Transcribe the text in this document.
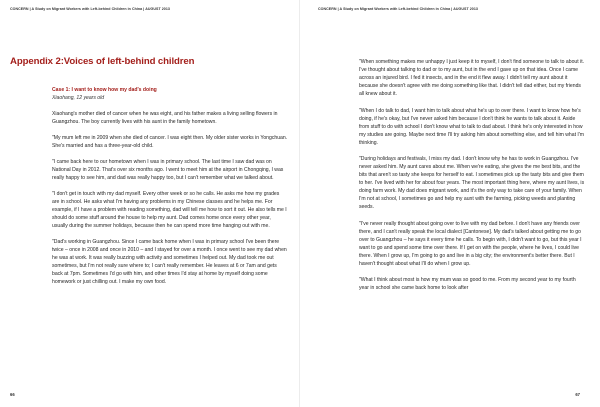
CONCERN | A Study on Migrant Workers with Left-behind Children in China | AUGUST 2013
Appendix 2:Voices of left-behind children
Case 1: I want to know how my dad's doing
Xiaohang, 12 years old

Xiaohang's mother died of cancer when he was eight, and his father makes a living selling flowers in Guangzhou. The boy currently lives with his aunt in the family hometown.

"My mum left me in 2009 when she died of cancer. I was eight then. My older sister works in Yongchuan. She's married and has a three-year-old child.

"I came back here to our hometown when I was in primary school. The last time I saw dad was on National Day in 2012. That's over six months ago. I went to meet him at the airport in Chongqing, I was really happy to see him, and dad was really happy too, but I can't remember what we talked about.

"I don't get in touch with my dad myself. Every other week or so he calls. He asks me how my grades are in school. He asks what I'm having any problems in my Chinese classes and he helps me. For example, if I have a problem with reading something, dad will tell me how to sort it out. He also tells me I should do some stuff around the house to help my aunt. Dad comes home once every other year, usually during the summer holidays, because then he can spend more time hanging out with me.

"Dad's working in Guangzhou. Since I came back home when I was in primary school I've been there twice – once in 2008 and once in 2010 – and I stayed for over a month. I once went to see my dad when he was at work. It was really buzzing with activity and sometimes I helped out. My dad took me out sometimes, but I'm not really sure where to; I can't really remember. He leaves at 6 or 7am and gets back at 7pm. Sometimes I'd go with him, and other times I'd stay at home by myself doing some homework or just chilling out. I make my own food.

66
CONCERN | A Study on Migrant Workers with Left-behind Children in China | AUGUST 2013

"When something makes me unhappy I just keep it to myself, I don't find someone to talk to about it. I've thought about talking to dad or to my aunt, but in the end I gave up on that idea. Once I came across an injured bird. I fed it insects, and in the end it flew away. I didn't tell my aunt about it because she doesn't agree with me doing something like that. I didn't tell dad either, but my friends all knew about it.

"When I do talk to dad, I want him to talk about what he's up to over there. I want to know how he's doing, if he's okay, but I've never asked him because I don't think he wants to talk about it. Aside from stuff to do with school I don't know what to talk to dad about. I think he's only interested in how my studies are going. Maybe next time I'll try asking him about something else, and tell him what I'm thinking.

"During holidays and festivals, I miss my dad. I don't know why he has to work in Guangzhou. I've never asked him. My aunt cares about me. When we're eating, she gives the me best bits, and the bits that aren't so tasty she keeps for herself to eat. I sometimes pick up the tasty bits and give them to her. I've lived with her for about four years. The most important thing here, where my aunt lives, is doing farm work. My dad does migrant work, and it's the only way to take care of your family. When I'm not at school, I sometimes go and help my aunt with the farming, picking weeds and planting seeds.

"I've never really thought about going over to live with my dad before. I don't have any friends over there, and I can't really speak the local dialect [Cantonese]. My dad's talked about getting me to go over to Guangzhou – he says it every time he calls. To begin with, I didn't want to go, but this year I want to go and spend some time over there. If I get on with the people, where he lives, I could live there. When I grow up, I'm going to go and live in a big city; the environment's better there. But I haven't thought about what I'll do when I grow up.

"What I think about most is how my mum was so good to me. From my second year to my fourth year in school she came back home to look after

67
